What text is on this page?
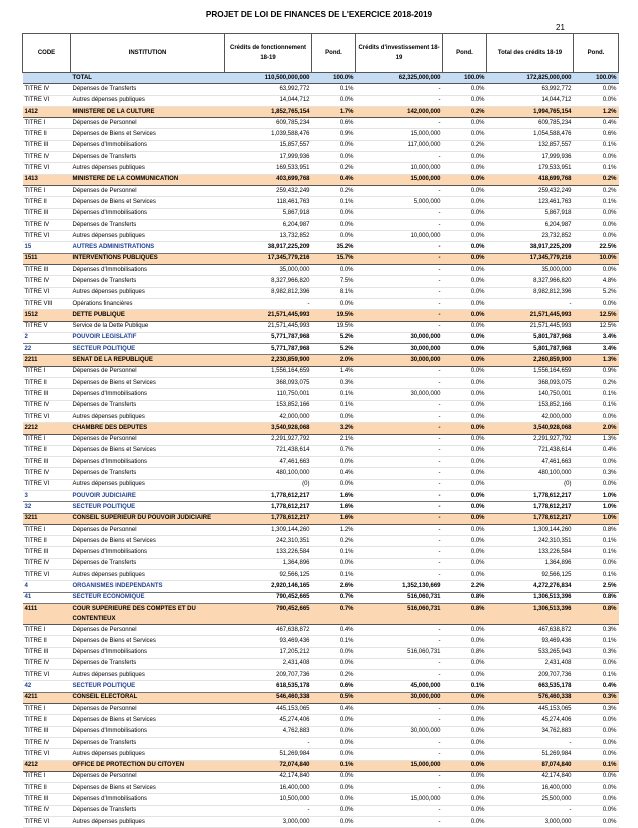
PROJET DE LOI DE FINANCES DE L'EXERCICE 2018-2019
21
CODE	INSTITUTION	Crédits de fonctionnement 18-19	Pond.	Crédits d'investissement 18-19	Pond.	Total des crédits 18-19	Pond.
	TOTAL	110,500,000,000	100.0%	62,325,000,000	100.0%	172,825,000,000	100.0%
TITRE IV	Dépenses de Transferts	63,992,772	0.1%	-	0.0%	63,992,772	0.0%
TITRE VI	Autres dépenses publiques	14,044,712	0.0%	-	0.0%	14,044,712	0.0%
1412	MINISTERE DE LA CULTURE	1,852,765,154	1.7%	142,000,000	0.2%	1,994,765,154	1.2%
TITRE I	Dépenses de Personnel	609,785,234	0.6%	-	0.0%	609,785,234	0.4%
TITRE II	Dépenses de Biens et Services	1,039,588,476	0.9%	15,000,000	0.0%	1,054,588,476	0.6%
TITRE III	Dépenses d'Immobilisations	15,857,557	0.0%	117,000,000	0.2%	132,857,557	0.1%
TITRE IV	Dépenses de Transferts	17,999,936	0.0%	-	0.0%	17,999,936	0.0%
TITRE VI	Autres dépenses publiques	169,533,951	0.2%	10,000,000	0.0%	179,533,951	0.1%
1413	MINISTERE DE LA COMMUNICATION	403,699,768	0.4%	15,000,000	0.0%	418,699,768	0.2%
TITRE I	Dépenses de Personnel	259,432,249	0.2%	-	0.0%	259,432,249	0.2%
TITRE II	Dépenses de Biens et Services	118,461,763	0.1%	5,000,000	0.0%	123,461,763	0.1%
TITRE III	Dépenses d'Immobilisations	5,867,918	0.0%	-	0.0%	5,867,918	0.0%
TITRE IV	Dépenses de Transferts	6,204,987	0.0%	-	0.0%	6,204,987	0.0%
TITRE VI	Autres dépenses publiques	13,732,852	0.0%	10,000,000	0.0%	23,732,852	0.0%
15	AUTRES ADMINISTRATIONS	38,917,225,209	35.2%	-	0.0%	38,917,225,209	22.5%
1511	INTERVENTIONS PUBLIQUES	17,345,779,216	15.7%	-	0.0%	17,345,779,216	10.0%
TITRE III	Dépenses d'Immobilisations	35,000,000	0.0%	-	0.0%	35,000,000	0.0%
TITRE IV	Dépenses de Transferts	8,327,966,820	7.5%	-	0.0%	8,327,966,820	4.8%
TITRE VI	Autres dépenses publiques	8,982,812,396	8.1%	-	0.0%	8,982,812,396	5.2%
TITRE VIII	Opérations financières	-	0.0%	-	0.0%	-	0.0%
1512	DETTE PUBLIQUE	21,571,445,993	19.5%	-	0.0%	21,571,445,993	12.5%
TITRE V	Service de la Dette Publique	21,571,445,993	19.5%	-	0.0%	21,571,445,993	12.5%
2	POUVOIR LEGISLATIF	5,771,787,968	5.2%	30,000,000	0.0%	5,801,787,968	3.4%
22	SECTEUR POLITIQUE	5,771,787,968	5.2%	30,000,000	0.0%	5,801,787,968	3.4%
2211	SENAT DE LA REPUBLIQUE	2,230,859,900	2.0%	30,000,000	0.0%	2,260,859,900	1.3%
TITRE I	Dépenses de Personnel	1,556,164,659	1.4%	-	0.0%	1,556,164,659	0.9%
TITRE II	Dépenses de Biens et Services	368,093,075	0.3%	-	0.0%	368,093,075	0.2%
TITRE III	Dépenses d'Immobilisations	110,750,001	0.1%	30,000,000	0.0%	140,750,001	0.1%
TITRE IV	Dépenses de Transferts	153,852,166	0.1%	-	0.0%	153,852,166	0.1%
TITRE VI	Autres dépenses publiques	42,000,000	0.0%	-	0.0%	42,000,000	0.0%
2212	CHAMBRE DES DEPUTES	3,540,928,068	3.2%	-	0.0%	3,540,928,068	2.0%
TITRE I	Dépenses de Personnel	2,291,927,792	2.1%	-	0.0%	2,291,927,792	1.3%
TITRE II	Dépenses de Biens et Services	721,438,614	0.7%	-	0.0%	721,438,614	0.4%
TITRE III	Dépenses d'Immobilisations	47,461,663	0.0%	-	0.0%	47,461,663	0.0%
TITRE IV	Dépenses de Transferts	480,100,000	0.4%	-	0.0%	480,100,000	0.3%
TITRE VI	Autres dépenses publiques	(0)	0.0%	-	0.0%	(0)	0.0%
3	POUVOIR JUDICIAIRE	1,778,612,217	1.6%	-	0.0%	1,778,612,217	1.0%
32	SECTEUR POLITIQUE	1,778,612,217	1.6%	-	0.0%	1,778,612,217	1.0%
3211	CONSEIL SUPERIEUR DU POUVOIR JUDICIAIRE	1,778,612,217	1.6%	-	0.0%	1,778,612,217	1.0%
TITRE I	Dépenses de Personnel	1,309,144,260	1.2%	-	0.0%	1,309,144,260	0.8%
TITRE II	Dépenses de Biens et Services	242,310,351	0.2%	-	0.0%	242,310,351	0.1%
TITRE III	Dépenses d'Immobilisations	133,226,584	0.1%	-	0.0%	133,226,584	0.1%
TITRE IV	Dépenses de Transferts	1,364,896	0.0%	-	0.0%	1,364,896	0.0%
TITRE VI	Autres dépenses publiques	92,566,125	0.1%	-	0.0%	92,566,125	0.1%
4	ORGANISMES INDEPENDANTS	2,920,146,165	2.6%	1,352,130,669	2.2%	4,272,276,834	2.5%
41	SECTEUR ECONOMIQUE	790,452,665	0.7%	516,060,731	0.8%	1,306,513,396	0.8%
4111	COUR SUPERIEURE DES COMPTES ET DU CONTENTIEUX	790,452,665	0.7%	516,060,731	0.8%	1,306,513,396	0.8%
TITRE I	Dépenses de Personnel	467,638,872	0.4%	-	0.0%	467,638,872	0.3%
TITRE II	Dépenses de Biens et Services	93,469,436	0.1%	-	0.0%	93,469,436	0.1%
TITRE III	Dépenses d'Immobilisations	17,205,212	0.0%	516,060,731	0.8%	533,265,943	0.3%
TITRE IV	Dépenses de Transferts	2,431,408	0.0%	-	0.0%	2,431,408	0.0%
TITRE VI	Autres dépenses publiques	209,707,736	0.2%	-	0.0%	209,707,736	0.1%
42	SECTEUR POLITIQUE	618,535,178	0.6%	45,000,000	0.1%	663,535,178	0.4%
4211	CONSEIL ELECTORAL	546,460,338	0.5%	30,000,000	0.0%	576,460,338	0.3%
TITRE I	Dépenses de Personnel	445,153,065	0.4%	-	0.0%	445,153,065	0.3%
TITRE II	Dépenses de Biens et Services	45,274,406	0.0%	-	0.0%	45,274,406	0.0%
TITRE III	Dépenses d'Immobilisations	4,762,883	0.0%	30,000,000	0.0%	34,762,883	0.0%
TITRE IV	Dépenses de Transferts	-	0.0%	-	0.0%	-	0.0%
TITRE VI	Autres dépenses publiques	51,269,984	0.0%	-	0.0%	51,269,984	0.0%
4212	OFFICE DE PROTECTION DU CITOYEN	72,074,840	0.1%	15,000,000	0.0%	87,074,840	0.1%
TITRE I	Dépenses de Personnel	42,174,840	0.0%	-	0.0%	42,174,840	0.0%
TITRE II	Dépenses de Biens et Services	16,400,000	0.0%	-	0.0%	16,400,000	0.0%
TITRE III	Dépenses d'Immobilisations	10,500,000	0.0%	15,000,000	0.0%	25,500,000	0.0%
TITRE IV	Dépenses de Transferts	-	0.0%	-	0.0%	-	0.0%
TITRE VI	Autres dépenses publiques	3,000,000	0.0%	-	0.0%	3,000,000	0.0%
